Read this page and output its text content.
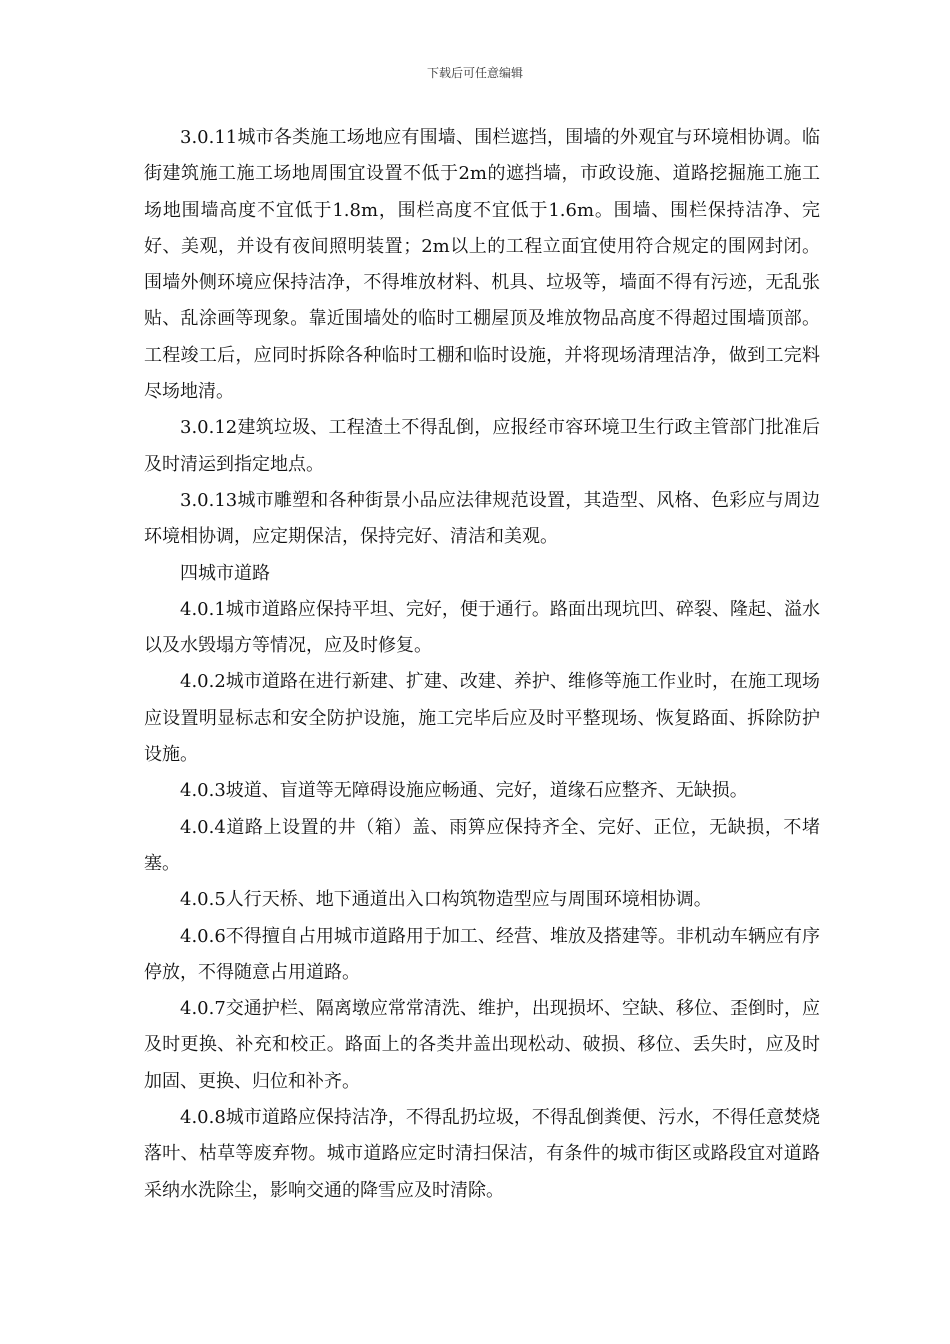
下载后可任意编辑

3.0.11城市各类施工场地应有围墙、围栏遮挡，围墙的外观宜与环境相协调。临街建筑施工施工场地周围宜设置不低于2m的遮挡墙，市政设施、道路挖掘施工施工场地围墙高度不宜低于1.8m，围栏高度不宜低于1.6m。围墙、围栏保持洁净、完好、美观，并设有夜间照明装置；2m以上的工程立面宜使用符合规定的围网封闭。围墙外侧环境应保持洁净，不得堆放材料、机具、垃圾等，墙面不得有污迹，无乱张贴、乱涂画等现象。靠近围墙处的临时工棚屋顶及堆放物品高度不得超过围墙顶部。工程竣工后，应同时拆除各种临时工棚和临时设施，并将现场清理洁净，做到工完料尽场地清。

3.0.12建筑垃圾、工程渣土不得乱倒，应报经市容环境卫生行政主管部门批准后及时清运到指定地点。

3.0.13城市雕塑和各种街景小品应法律规范设置，其造型、风格、色彩应与周边环境相协调，应定期保洁，保持完好、清洁和美观。

四城市道路

4.0.1城市道路应保持平坦、完好，便于通行。路面出现坑凹、碎裂、隆起、溢水以及水毁塌方等情况，应及时修复。

4.0.2城市道路在进行新建、扩建、改建、养护、维修等施工作业时，在施工现场应设置明显标志和安全防护设施，施工完毕后应及时平整现场、恢复路面、拆除防护设施。

4.0.3坡道、盲道等无障碍设施应畅通、完好，道缘石应整齐、无缺损。

4.0.4道路上设置的井（箱）盖、雨箅应保持齐全、完好、正位，无缺损，不堵塞。

4.0.5人行天桥、地下通道出入口构筑物造型应与周围环境相协调。

4.0.6不得擅自占用城市道路用于加工、经营、堆放及搭建等。非机动车辆应有序停放，不得随意占用道路。

4.0.7交通护栏、隔离墩应常常清洗、维护，出现损坏、空缺、移位、歪倒时，应及时更换、补充和校正。路面上的各类井盖出现松动、破损、移位、丢失时，应及时加固、更换、归位和补齐。

4.0.8城市道路应保持洁净，不得乱扔垃圾，不得乱倒粪便、污水，不得任意焚烧落叶、枯草等废弃物。城市道路应定时清扫保洁，有条件的城市街区或路段宜对道路采纳水洗除尘，影响交通的降雪应及时清除。
